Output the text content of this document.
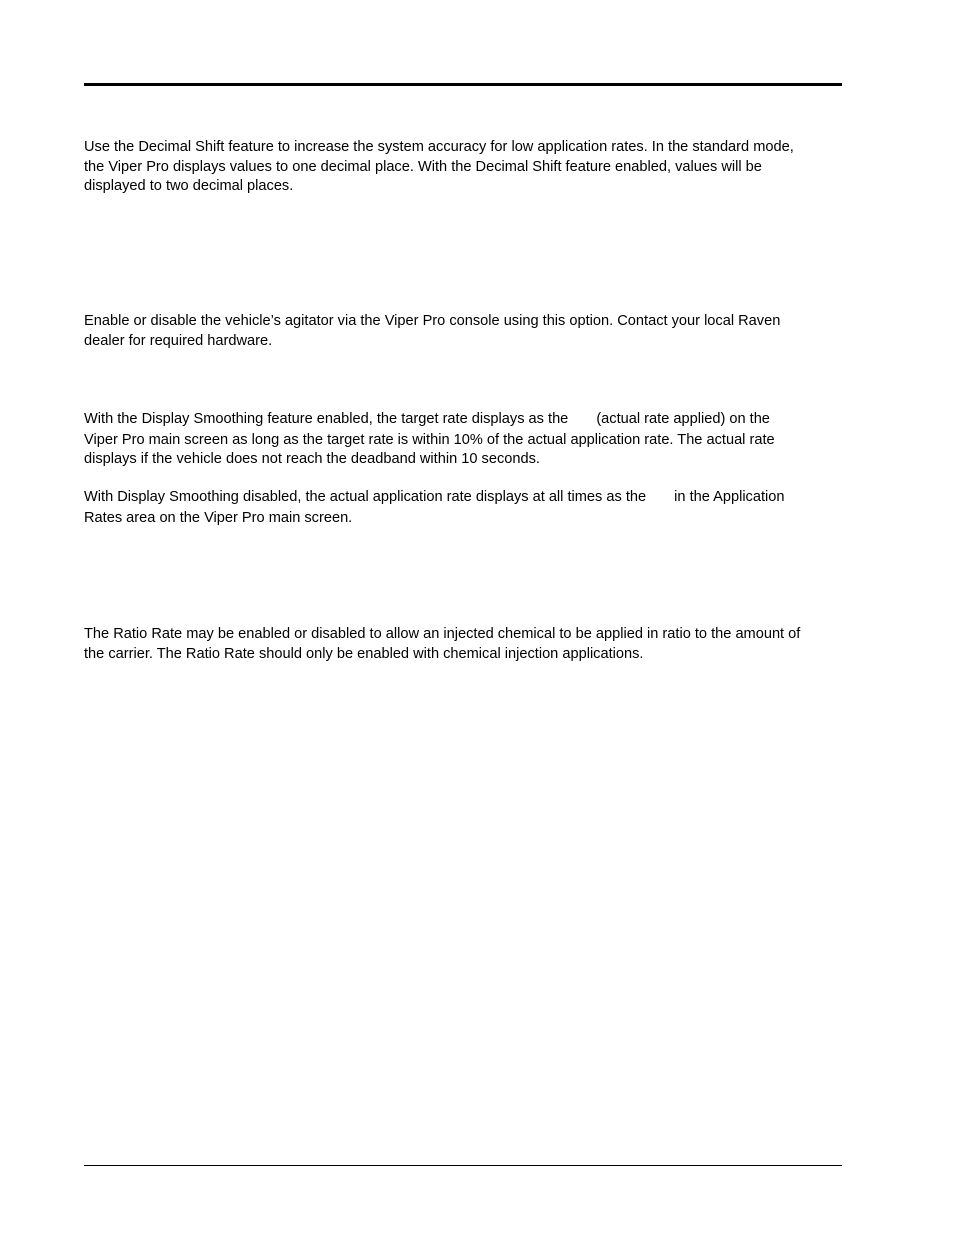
Use the Decimal Shift feature to increase the system accuracy for low application rates. In the standard mode,
the Viper Pro displays values to one decimal place. With the Decimal Shift feature enabled, values will be
displayed to two decimal places.
Enable or disable the vehicle’s agitator via the Viper Pro console using this option. Contact your local Raven
dealer for required hardware.
With the Display Smoothing feature enabled, the target rate displays as the (actual rate applied) on the
Viper Pro main screen as long as the target rate is within 10% of the actual application rate. The actual rate
displays if the vehicle does not reach the deadband within 10 seconds.
With Display Smoothing disabled, the actual application rate displays at all times as the in the Application
Rates area on the Viper Pro main screen.
The Ratio Rate may be enabled or disabled to allow an injected chemical to be applied in ratio to the amount of
the carrier. The Ratio Rate should only be enabled with chemical injection applications.
